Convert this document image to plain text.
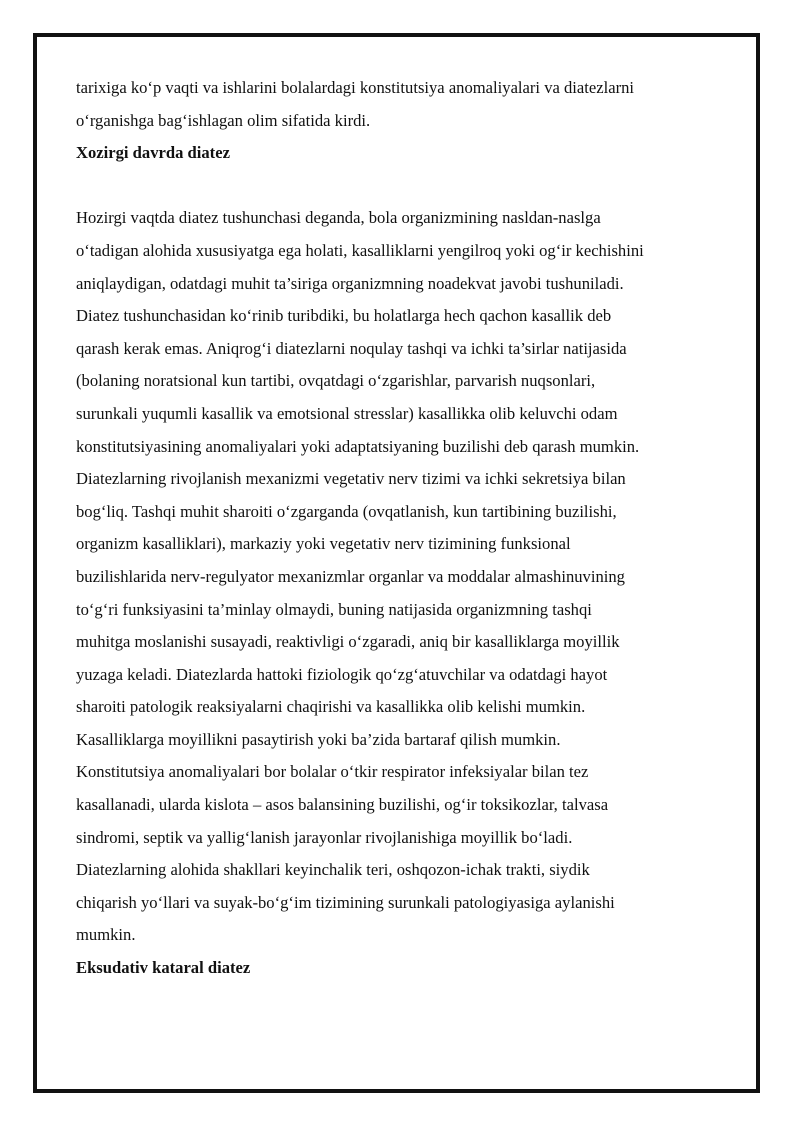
tarixiga ko‘p vaqti va ishlarini bolalardagi konstitutsiya anomaliyalari va diatezlarni
o‘rganishga bag‘ishlagan olim sifatida kirdi.
Xozirgi davrda diatez
Hozirgi vaqtda diatez tushunchasi deganda, bola organizmining nasldan-naslga
o‘tadigan alohida xususiyatga ega holati, kasalliklarni yengilroq yoki og‘ir kechishini
aniqlaydigan, odatdagi muhit ta’siriga organizmning noadekvat javobi tushuniladi.
Diatez tushunchasidan ko‘rinib turibdiki, bu holatlarga hech qachon kasallik deb
qarash kerak emas. Aniqrog‘i diatezlarni noqulay tashqi va ichki ta’sirlar natijasida
(bolaning noratsional kun tartibi, ovqatdagi o‘zgarishlar, parvarish nuqsonlari,
surunkali yuqumli kasallik va emotsional stresslar) kasallikka olib keluvchi odam
konstitutsiyasining anomaliyalari yoki adaptatsiyaning buzilishi deb qarash mumkin.
Diatezlarning rivojlanish mexanizmi vegetativ nerv tizimi va ichki sekretsiya bilan
bog‘liq. Tashqi muhit sharoiti o‘zgarganda (ovqatlanish, kun tartibining buzilishi,
organizm kasalliklari), markaziy yoki vegetativ nerv tizimining funksional
buzilishlarida nerv-regulyator mexanizmlar organlar va moddalar almashinuvining
to‘g‘ri funksiyasini ta’minlay olmaydi, buning natijasida organizmning tashqi
muhitga moslanishi susayadi, reaktivligi o‘zgaradi, aniq bir kasalliklarga moyillik
yuzaga keladi. Diatezlarda hattoki fiziologik qo‘zg‘atuvchilar va odatdagi hayot
sharoiti patologik reaksiyalarni chaqirishi va kasallikka olib kelishi mumkin.
Kasalliklarga moyillikni pasaytirish yoki ba’zida bartaraf qilish mumkin.
Konstitutsiya anomaliyalari bor bolalar o‘tkir respirator infeksiyalar bilan tez
kasallanadi, ularda kislota – asos balansining buzilishi, og‘ir toksikozlar, talvasa
sindromi, septik va yallig‘lanish jarayonlar rivojlanishiga moyillik bo‘ladi.
Diatezlarning alohida shakllari keyinchalik teri, oshqozon-ichak trakti, siydik
chiqarish yo‘llari va suyak-bo‘g‘im tizimining surunkali patologiyasiga aylanishi
mumkin.
Eksudativ kataral diatez
